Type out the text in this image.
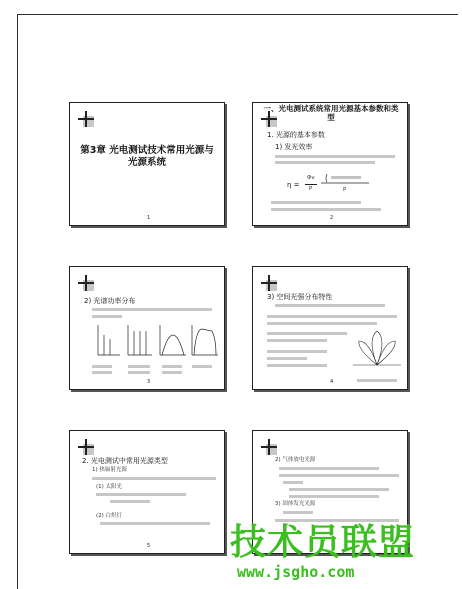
第3章 光电测试技术常用光源与光源系统
1
一、光电测试系统常用光源基本参数和类型
1. 光源的基本参数
1) 发光效率
η =
Φv
P	P
2
2) 光谱功率分布
3
3) 空间光强分布特性
4
2. 光电测试中常用光源类型
1) 热辐射光源
(1) 太阳光
(2) 白炽灯
5
2) 气体放电光源
3) 固体发光光源
技术员联盟
www.jsgho.com
